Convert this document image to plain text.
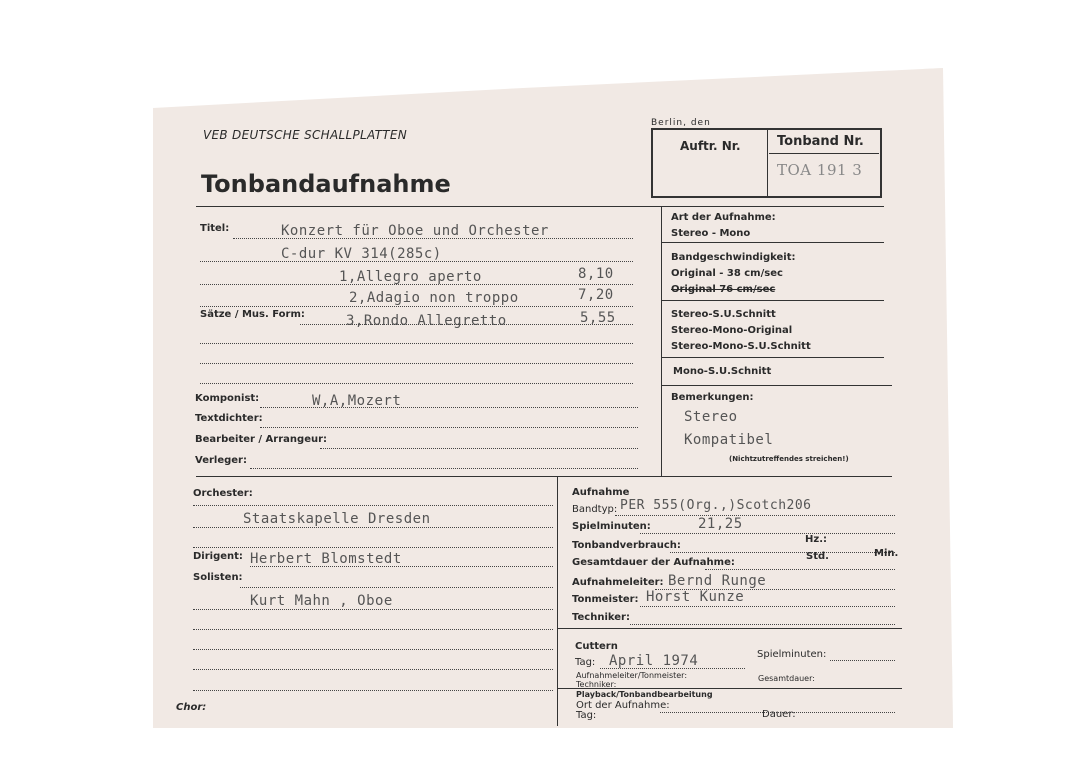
VEB DEUTSCHE SCHALLPLATTEN
Tonbandaufnahme
Berlin, den
Auftr. Nr.	Tonband Nr.
TOA 191 3
Titel:	Konzert für Oboe und Orchester
C-dur KV 314(285c)
1,Allegro aperto	8,10
2,Adagio non troppo	7,20
Sätze / Mus. Form:	3,Rondo Allegretto	5,55
Komponist:	W,A,Mozert
Textdichter:
Bearbeiter / Arrangeur:
Verleger:
Art der Aufnahme:
Stereo - Mono
Bandgeschwindigkeit:
Original - 38 cm/sec
Original 76 cm/sec
Stereo-S.U.Schnitt
Stereo-Mono-Original
Stereo-Mono-S.U.Schnitt
Mono-S.U.Schnitt
Bemerkungen:
Stereo
Kompatibel
(Nichtzutreffendes streichen!)
Orchester:
Staatskapelle Dresden
Dirigent: Herbert Blomstedt
Solisten:
Kurt Mahn , Oboe
Chor:
Aufnahme
Bandtyp: PER 555(Org.,)Scotch206
Spielminuten:	21,25
Hz.:
Tonbandverbrauch:
Std.	Min.
Gesamtdauer der Aufnahme:
Aufnahmeleiter: Bernd Runge
Tonmeister: Horst Kunze
Techniker:
Cuttern
Tag: April 1974	Spielminuten:
Aufnahmeleiter/Tonmeister:	Gesamtdauer:
Techniker:
Playback/Tonbandbearbeitung
Ort der Aufnahme:
Tag:	Dauer:
